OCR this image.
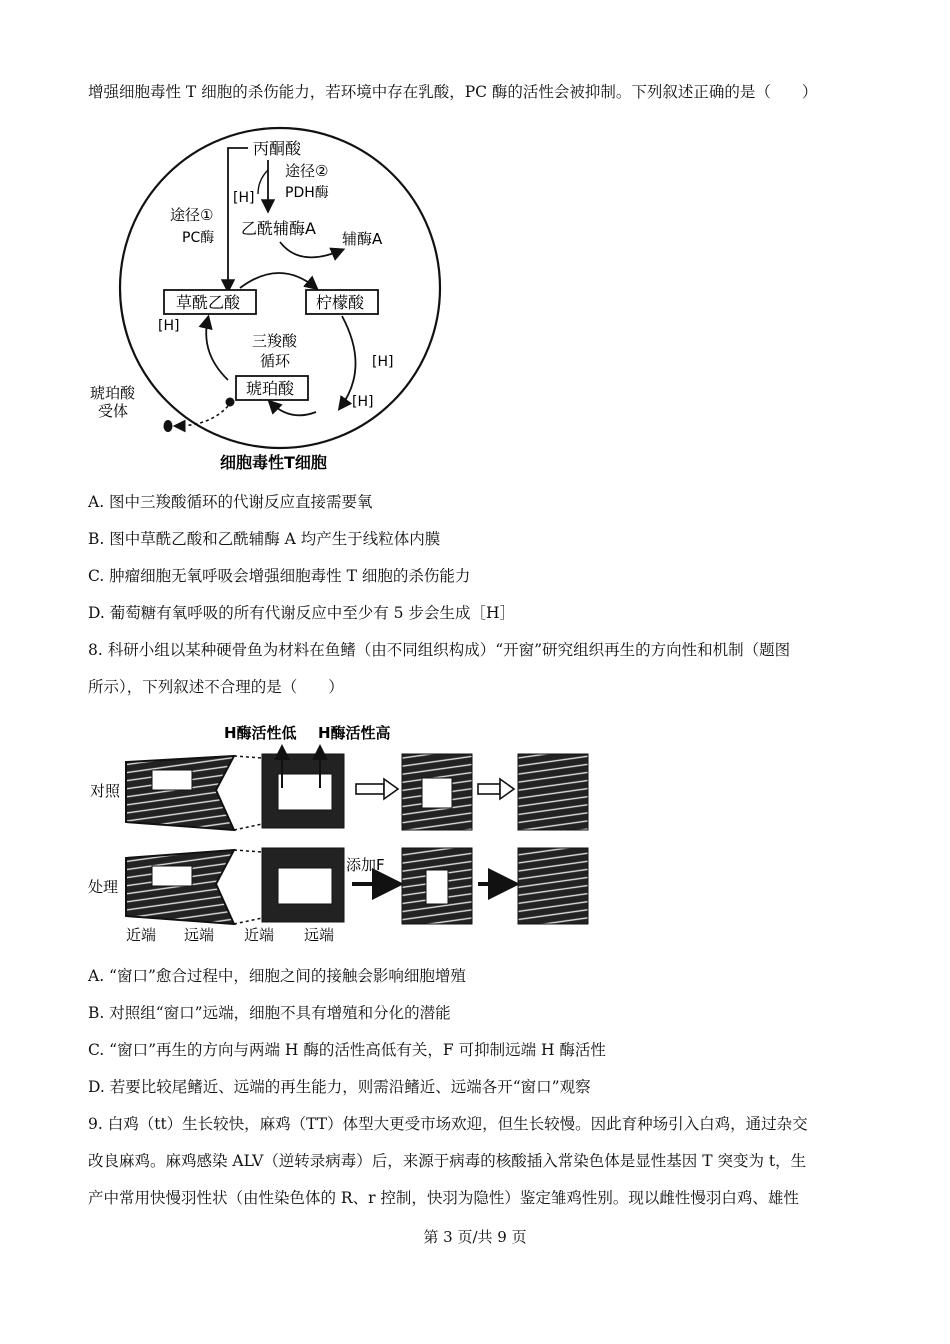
增强细胞毒性 T 细胞的杀伤能力，若环境中存在乳酸，PC 酶的活性会被抑制。下列叙述正确的是（　　）
丙酮酸
途径②
PDH酶
[H]
途径①
PC酶 乙酰辅酶A
辅酶A
草酰乙酸	柠檬酸
[H]
三羧酸
循环	[H]
[H]
琥珀酸
琥珀酸
受体
细胞毒性T细胞
A. 图中三羧酸循环的代谢反应直接需要氧
B. 图中草酰乙酸和乙酰辅酶 A 均产生于线粒体内膜
C. 肿瘤细胞无氧呼吸会增强细胞毒性 T 细胞的杀伤能力
D. 葡萄糖有氧呼吸的所有代谢反应中至少有 5 步会生成［H］
8. 科研小组以某种硬骨鱼为材料在鱼鳍（由不同组织构成）“开窗”研究组织再生的方向性和机制（题图
所示），下列叙述不合理的是（　　）
H酶活性低 H酶活性高
对照
处理
添加F
近端 远端 近端 远端
A. “窗口”愈合过程中，细胞之间的接触会影响细胞增殖
B. 对照组“窗口”远端，细胞不具有增殖和分化的潜能
C. “窗口”再生的方向与两端 H 酶的活性高低有关，F 可抑制远端 H 酶活性
D. 若要比较尾鳍近、远端的再生能力，则需沿鳍近、远端各开“窗口”观察
9. 白鸡（tt）生长较快，麻鸡（TT）体型大更受市场欢迎，但生长较慢。因此育种场引入白鸡，通过杂交
改良麻鸡。麻鸡感染 ALV（逆转录病毒）后，来源于病毒的核酸插入常染色体是显性基因 T 突变为 t，生
产中常用快慢羽性状（由性染色体的 R、r 控制，快羽为隐性）鉴定雏鸡性别。现以雌性慢羽白鸡、雄性
第 3 页/共 9 页
